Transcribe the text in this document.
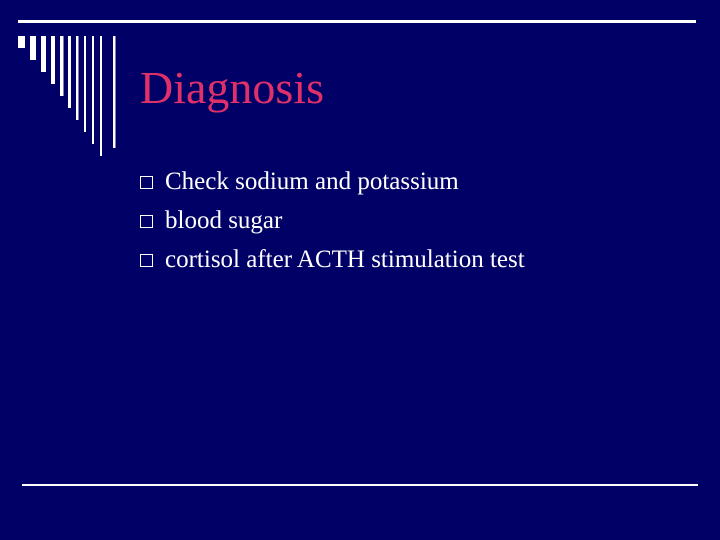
Diagnosis
Check sodium and potassium
blood sugar
cortisol after ACTH stimulation test
